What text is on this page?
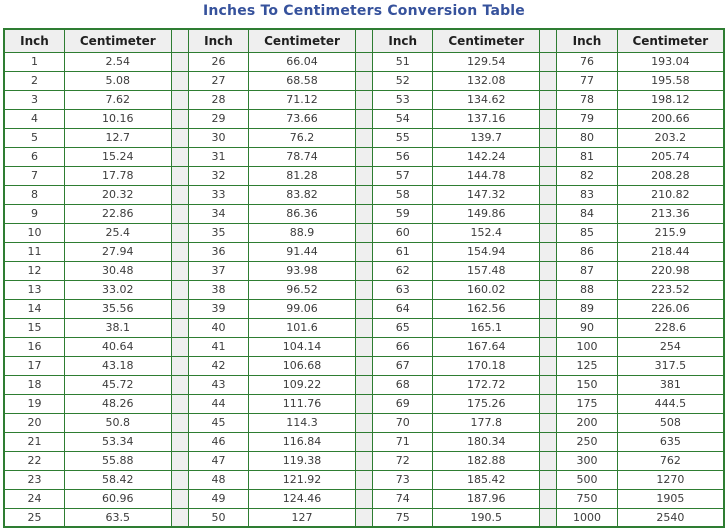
Inches To Centimeters Conversion Table
Inch	Centimeter		Inch	Centimeter		Inch	Centimeter		Inch	Centimeter
1	2.54		26	66.04		51	129.54		76	193.04
2	5.08		27	68.58		52	132.08		77	195.58
3	7.62		28	71.12		53	134.62		78	198.12
4	10.16		29	73.66		54	137.16		79	200.66
5	12.7		30	76.2		55	139.7		80	203.2
6	15.24		31	78.74		56	142.24		81	205.74
7	17.78		32	81.28		57	144.78		82	208.28
8	20.32		33	83.82		58	147.32		83	210.82
9	22.86		34	86.36		59	149.86		84	213.36
10	25.4		35	88.9		60	152.4		85	215.9
11	27.94		36	91.44		61	154.94		86	218.44
12	30.48		37	93.98		62	157.48		87	220.98
13	33.02		38	96.52		63	160.02		88	223.52
14	35.56		39	99.06		64	162.56		89	226.06
15	38.1		40	101.6		65	165.1		90	228.6
16	40.64		41	104.14		66	167.64		100	254
17	43.18		42	106.68		67	170.18		125	317.5
18	45.72		43	109.22		68	172.72		150	381
19	48.26		44	111.76		69	175.26		175	444.5
20	50.8		45	114.3		70	177.8		200	508
21	53.34		46	116.84		71	180.34		250	635
22	55.88		47	119.38		72	182.88		300	762
23	58.42		48	121.92		73	185.42		500	1270
24	60.96		49	124.46		74	187.96		750	1905
25	63.5		50	127		75	190.5		1000	2540
